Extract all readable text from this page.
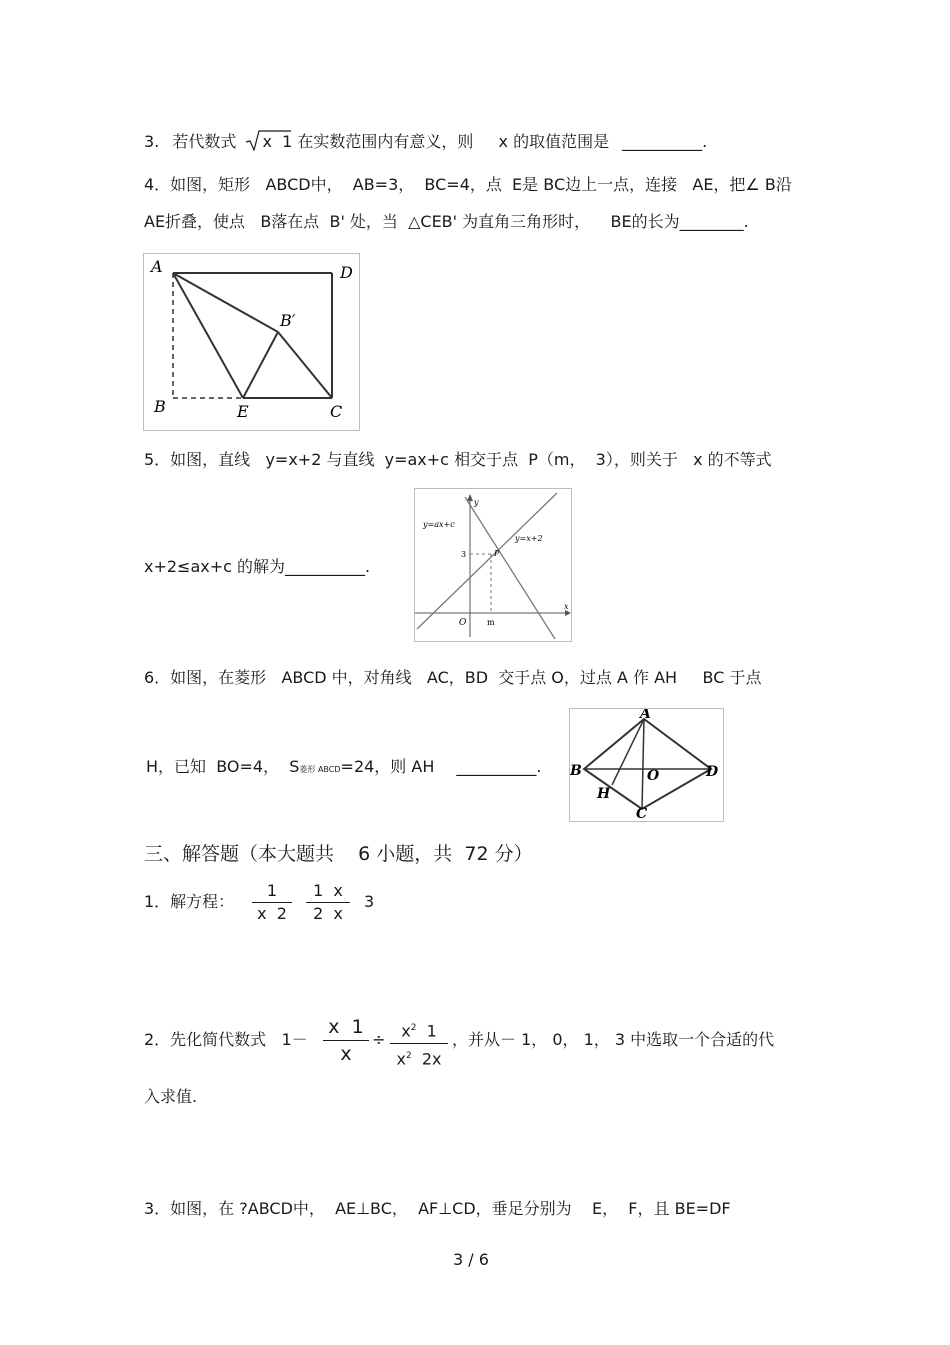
3. 若代数式 x  1 在实数范围内有意义，则 x 的取值范围是 __________.
4．如图，矩形   ABCD中，  AB=3，  BC=4，点  E是 BC边上一点，连接   AE，把∠ B沿
AE折叠，使点   B落在点  B' 处，当  △CEB' 为直角三角形时，    BE的长为________.
A	D
B	E	C
B′
5．如图，直线   y=x+2 与直线  y=ax+c 相交于点  P（m，  3），则关于   x 的不等式
x+2≤ax+c 的解为__________.
y=ax+c
y=x+2
y
x
O
3
m
P
6．如图，在菱形   ABCD 中，对角线   AC，BD  交于点 O，过点 A 作 AH     BC 于点
H，已知  BO=4，  S菱形 ABCD=24，则 AH __________.
A
B	D
C
O
H
三、解答题（本大题共    6 小题，共  72 分）
1．解方程：
1
x  2
1  x
2  x
3
2．先化简代数式   1－
x  1
x
÷ $x^2$  1
$x^2$  2x
，并从－ 1， 0， 1， 3 中选取一个合适的代
入求值.
3．如图，在 ?ABCD中，  AE⊥BC，  AF⊥CD，垂足分别为    E，  F，且 BE=DF
3 / 6
